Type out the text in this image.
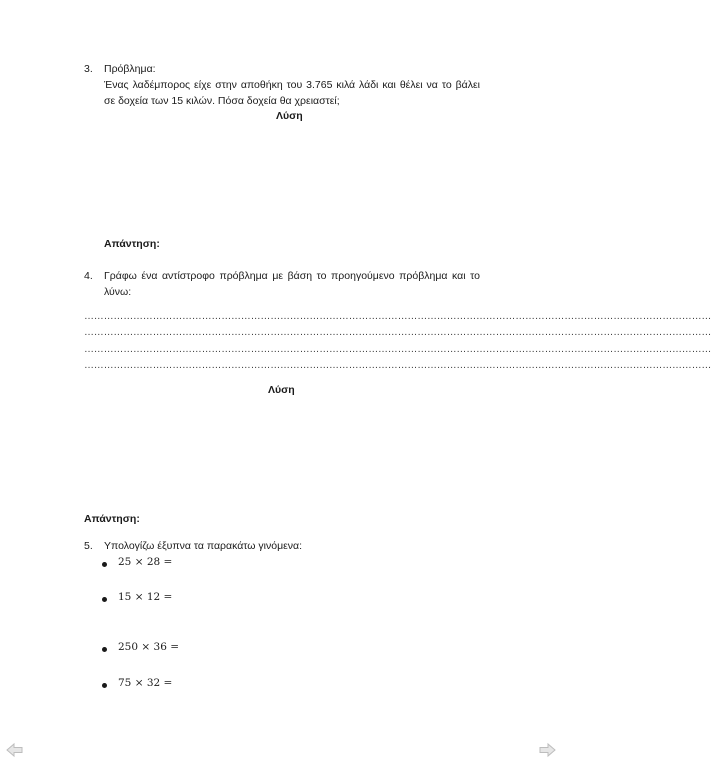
3.	Πρόβλημα:
Ένας λαδέμπορος είχε στην αποθήκη του 3.765 κιλά λάδι και θέλει να το βάλει
σε δοχεία των 15 κιλών. Πόσα δοχεία θα χρειαστεί;
Λύση
Απάντηση:
4.	Γράφω ένα αντίστροφο πρόβλημα με βάση το προηγούμενο πρόβλημα και το
λύνω:
…………………………………………………………………………………………………………………………………………………………………………
…………………………………………………………………………………………………………………………………………………………………………
…………………………………………………………………………………………………………………………………………………………………………
…………………………………………………………………………………………………………………………………………………………………………
Λύση
Απάντηση:
5.	Υπολογίζω έξυπνα τα παρακάτω γινόμενα:
25 × 28 =
15 × 12 =
250 × 36 =
75 × 32 =
